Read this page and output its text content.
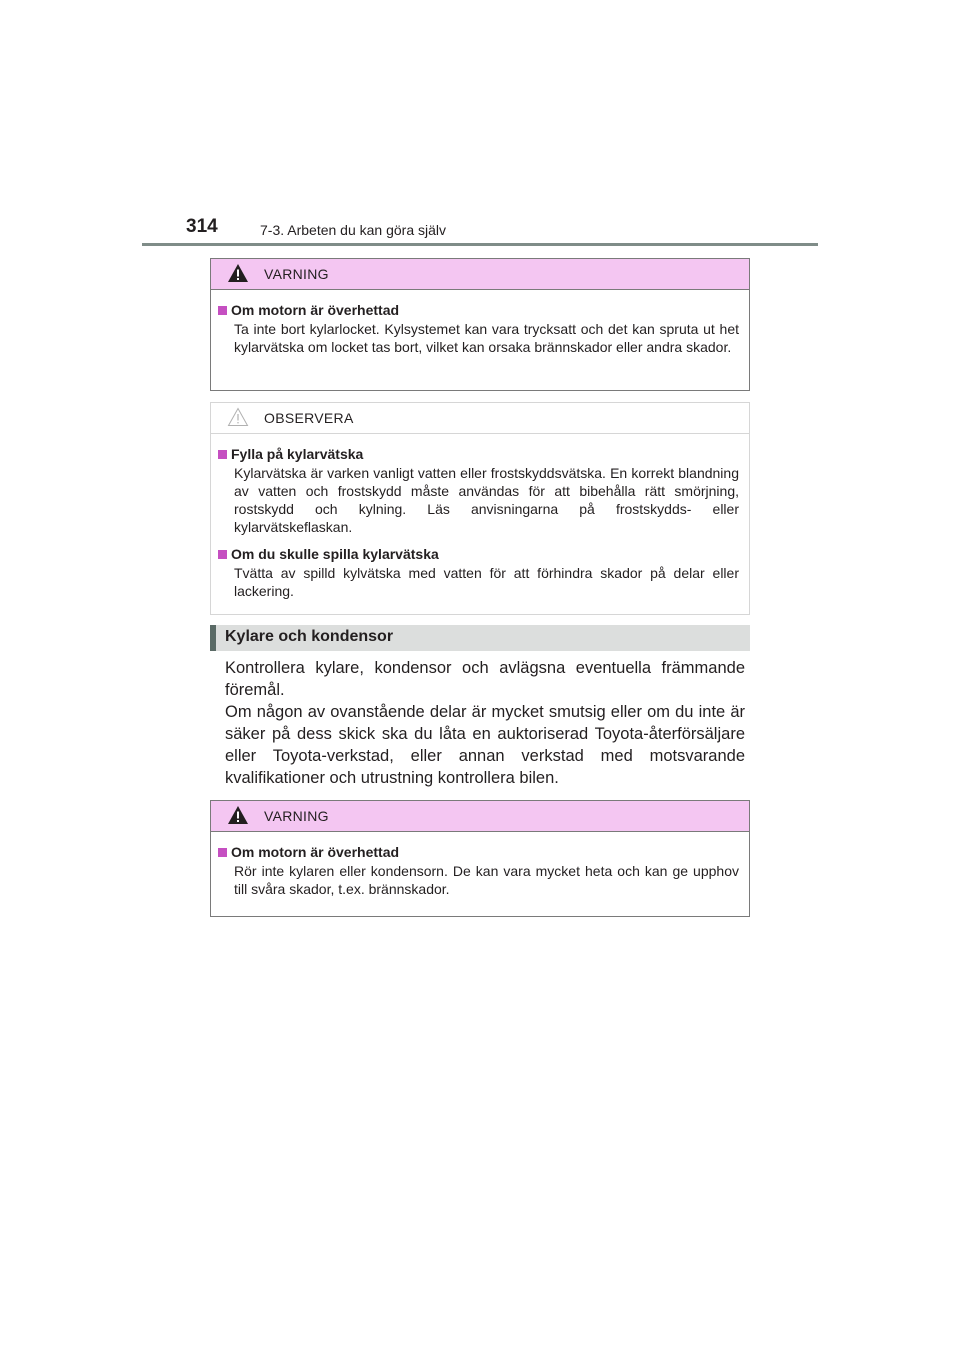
314	7-3. Arbeten du kan göra själv
VARNING
Om motorn är överhettad
Ta inte bort kylarlocket. Kylsystemet kan vara trycksatt och det kan spruta ut het kylarvätska om locket tas bort, vilket kan orsaka brännskador eller andra skador.
OBSERVERA
Fylla på kylarvätska
Kylarvätska är varken vanligt vatten eller frostskyddsvätska. En korrekt blandning av vatten och frostskydd måste användas för att bibehålla rätt smörjning, rostskydd och kylning. Läs anvisningarna på frostskydds- eller kylarvätskeflaskan.
Om du skulle spilla kylarvätska
Tvätta av spilld kylvätska med vatten för att förhindra skador på delar eller lackering.
Kylare och kondensor

Kontrollera kylare, kondensor och avlägsna eventuella främmande föremål.

Om någon av ovanstående delar är mycket smutsig eller om du inte är säker på dess skick ska du låta en auktoriserad Toyota-återförsäljare eller Toyota-verkstad, eller annan verkstad med motsvarande kvalifikationer och utrustning kontrollera bilen.

VARNING
Om motorn är överhettad
Rör inte kylaren eller kondensorn. De kan vara mycket heta och kan ge upphov till svåra skador, t.ex. brännskador.
